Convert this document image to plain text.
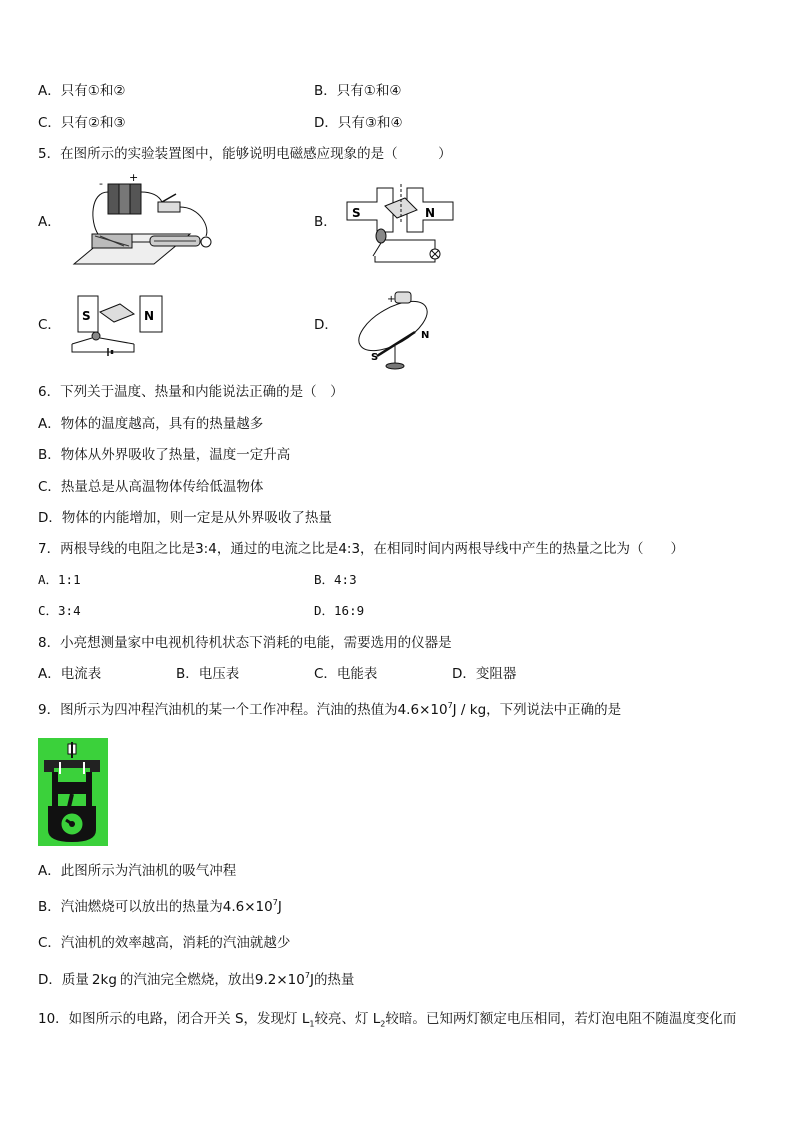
A．只有①和②	B．只有①和④
C．只有②和③	D．只有③和④
5．在图所示的实验装置图中，能够说明电磁感应现象的是（　　　）
A．
- +
B．
S	N
C．
S	N
D．
+
S
N
6．下列关于温度、热量和内能说法正确的是（　）
A．物体的温度越高，具有的热量越多
B．物体从外界吸收了热量，温度一定升高
C．热量总是从高温物体传给低温物体
D．物体的内能增加，则一定是从外界吸收了热量
7．两根导线的电阻之比是3:4，通过的电流之比是4:3，在相同时间内两根导线中产生的热量之比为（　　）
A．1:1	B．4:3
C．3:4	D．16:9
8．小亮想测量家中电视机待机状态下消耗的电能，需要选用的仪器是
A．电流表	B．电压表	C．电能表	D．变阻器
9．图所示为四冲程汽油机的某一个工作冲程。汽油的热值为$4.6\times 10^7J$ / kg，下列说法中正确的是
A．此图所示为汽油机的吸气冲程
B．汽油燃烧可以放出的热量为$4.6\times 10^7J$
C．汽油机的效率越高，消耗的汽油就越少
D．质量 2kg 的汽油完全燃烧，放出$9.2\times 10^7J$的热量
10．如图所示的电路，闭合开关 S，发现灯 $L_1$较亮、灯 $L_2$较暗。已知两灯额定电压相同，若灯泡电阻不随温度变化而
